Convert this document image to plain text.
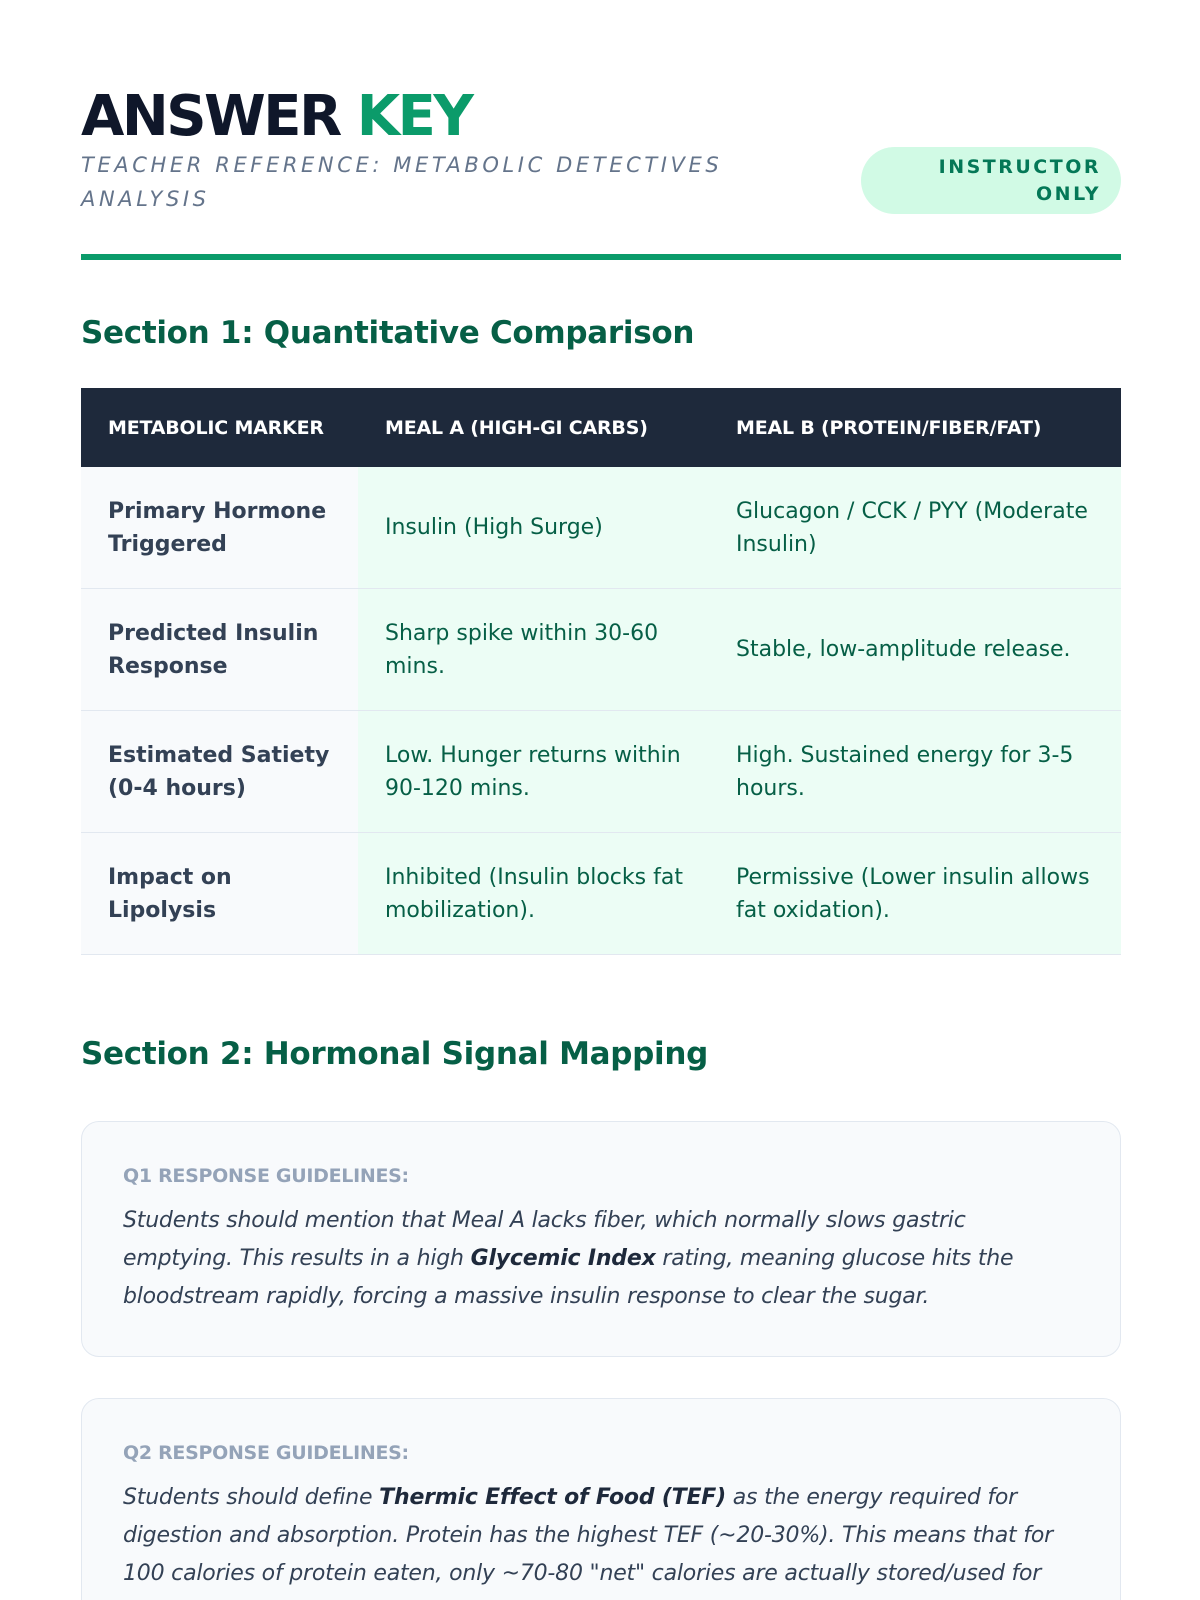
ANSWER KEY
TEACHER REFERENCE: METABOLIC DETECTIVES ANALYSIS
INSTRUCTOR ONLY
Section 1: Quantitative Comparison
METABOLIC MARKER	MEAL A (HIGH-GI CARBS)	MEAL B (PROTEIN/FIBER/FAT)
Primary Hormone Triggered
Insulin (High Surge)
Glucagon / CCK / PYY (Moderate Insulin)
Predicted Insulin Response
Sharp spike within 30-60 mins.
Stable, low-amplitude release.
Estimated Satiety (0-4 hours)
Low. Hunger returns within 90-120 mins.
High. Sustained energy for 3-5 hours.
Impact on Lipolysis
Inhibited (Insulin blocks fat mobilization).
Permissive (Lower insulin allows fat oxidation).
Section 2: Hormonal Signal Mapping
Q1 RESPONSE GUIDELINES:

Students should mention that Meal A lacks fiber, which normally slows gastric emptying. This results in a high Glycemic Index rating, meaning glucose hits the bloodstream rapidly, forcing a massive insulin response to clear the sugar.

Q2 RESPONSE GUIDELINES:

Students should define Thermic Effect of Food (TEF) as the energy required for digestion and absorption. Protein has the highest TEF (~20-30%). This means that for 100 calories of protein eaten, only ~70-80 "net" calories are actually stored/used for
